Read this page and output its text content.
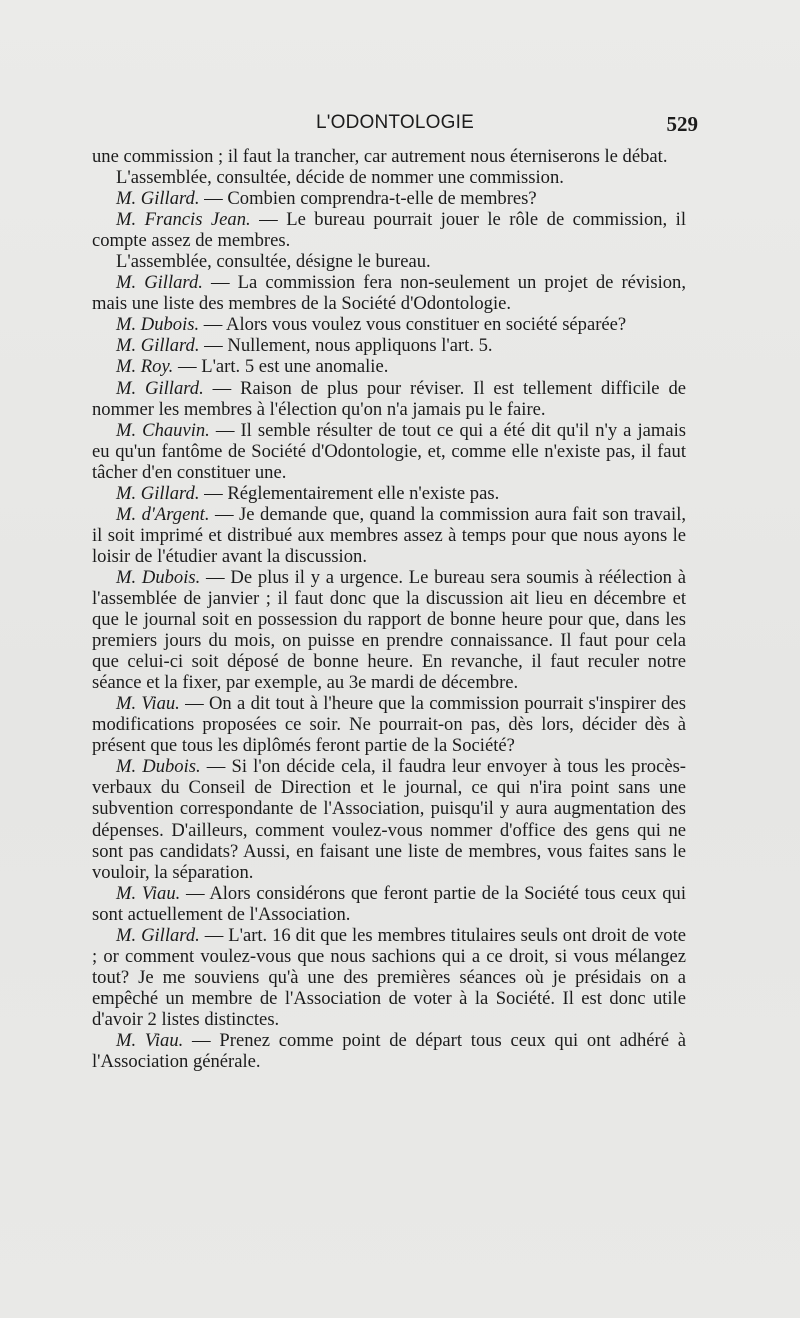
L'ODONTOLOGIE	529

une commission ; il faut la trancher, car autrement nous éterniserons le débat.

L'assemblée, consultée, décide de nommer une commission.

M. Gillard. — Combien comprendra-t-elle de membres?

M. Francis Jean. — Le bureau pourrait jouer le rôle de commission, il compte assez de membres.

L'assemblée, consultée, désigne le bureau.

M. Gillard. — La commission fera non-seulement un projet de révision, mais une liste des membres de la Société d'Odontologie.

M. Dubois. — Alors vous voulez vous constituer en société séparée?

M. Gillard. — Nullement, nous appliquons l'art. 5.

M. Roy. — L'art. 5 est une anomalie.

M. Gillard. — Raison de plus pour réviser. Il est tellement difficile de nommer les membres à l'élection qu'on n'a jamais pu le faire.

M. Chauvin. — Il semble résulter de tout ce qui a été dit qu'il n'y a jamais eu qu'un fantôme de Société d'Odontologie, et, comme elle n'existe pas, il faut tâcher d'en constituer une.

M. Gillard. — Réglementairement elle n'existe pas.

M. d'Argent. — Je demande que, quand la commission aura fait son travail, il soit imprimé et distribué aux membres assez à temps pour que nous ayons le loisir de l'étudier avant la discussion.

M. Dubois. — De plus il y a urgence. Le bureau sera soumis à réélection à l'assemblée de janvier ; il faut donc que la discussion ait lieu en décembre et que le journal soit en possession du rapport de bonne heure pour que, dans les premiers jours du mois, on puisse en prendre connaissance. Il faut pour cela que celui-ci soit déposé de bonne heure. En revanche, il faut reculer notre séance et la fixer, par exemple, au 3e mardi de décembre.

M. Viau. — On a dit tout à l'heure que la commission pourrait s'inspirer des modifications proposées ce soir. Ne pourrait-on pas, dès lors, décider dès à présent que tous les diplômés feront partie de la Société?

M. Dubois. — Si l'on décide cela, il faudra leur envoyer à tous les procès-verbaux du Conseil de Direction et le journal, ce qui n'ira point sans une subvention correspondante de l'Association, puisqu'il y aura augmentation des dépenses. D'ailleurs, comment voulez-vous nommer d'office des gens qui ne sont pas candidats? Aussi, en faisant une liste de membres, vous faites sans le vouloir, la séparation.

M. Viau. — Alors considérons que feront partie de la Société tous ceux qui sont actuellement de l'Association.

M. Gillard. — L'art. 16 dit que les membres titulaires seuls ont droit de vote ; or comment voulez-vous que nous sachions qui a ce droit, si vous mélangez tout? Je me souviens qu'à une des premières séances où je présidais on a empêché un membre de l'Association de voter à la Société. Il est donc utile d'avoir 2 listes distinctes.

M. Viau. — Prenez comme point de départ tous ceux qui ont adhéré à l'Association générale.
